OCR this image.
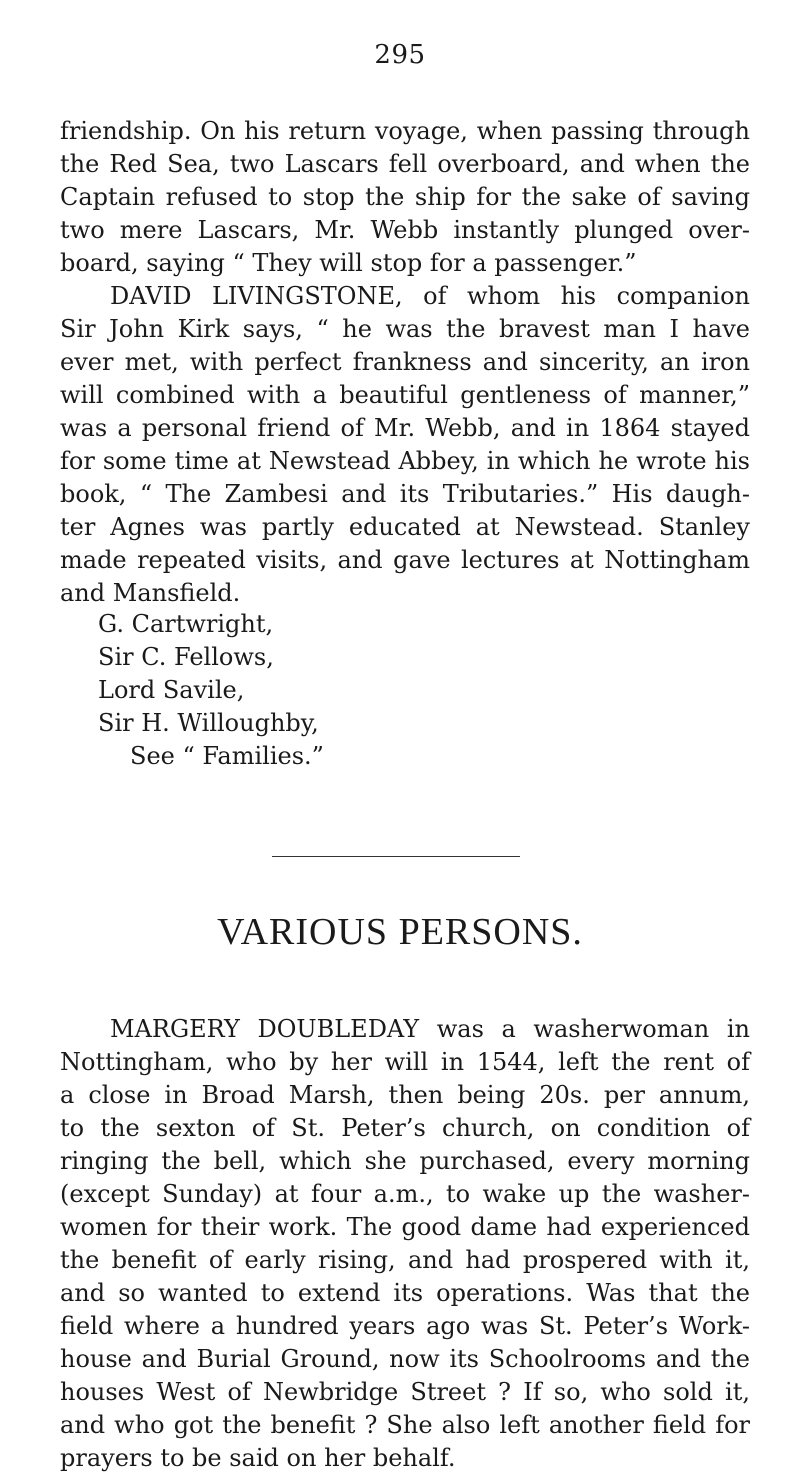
295
friendship. On his return voyage, when passing through
the Red Sea, two Lascars fell overboard, and when the
Captain refused to stop the ship for the sake of saving
two mere Lascars, Mr. Webb instantly plunged over-
board, saying “ They will stop for a passenger.”
DAVID LIVINGSTONE, of whom his companion
Sir John Kirk says, “ he was the bravest man I have
ever met, with perfect frankness and sincerity, an iron
will combined with a beautiful gentleness of manner,”
was a personal friend of Mr. Webb, and in 1864 stayed
for some time at Newstead Abbey, in which he wrote his
book, “ The Zambesi and its Tributaries.” His daugh-
ter Agnes was partly educated at Newstead. Stanley
made repeated visits, and gave lectures at Nottingham
and Mansfield.
G. Cartwright,
Sir C. Fellows,
Lord Savile,
Sir H. Willoughby,
See “ Families.”
VARIOUS PERSONS.
MARGERY DOUBLEDAY was a washerwoman in
Nottingham, who by her will in 1544, left the rent of
a close in Broad Marsh, then being 20s. per annum,
to the sexton of St. Peter’s church, on condition of
ringing the bell, which she purchased, every morning
(except Sunday) at four a.m., to wake up the washer-
women for their work. The good dame had experienced
the benefit of early rising, and had prospered with it,
and so wanted to extend its operations. Was that the
field where a hundred years ago was St. Peter’s Work-
house and Burial Ground, now its Schoolrooms and the
houses West of Newbridge Street ? If so, who sold it,
and who got the benefit ? She also left another field for
prayers to be said on her behalf.
